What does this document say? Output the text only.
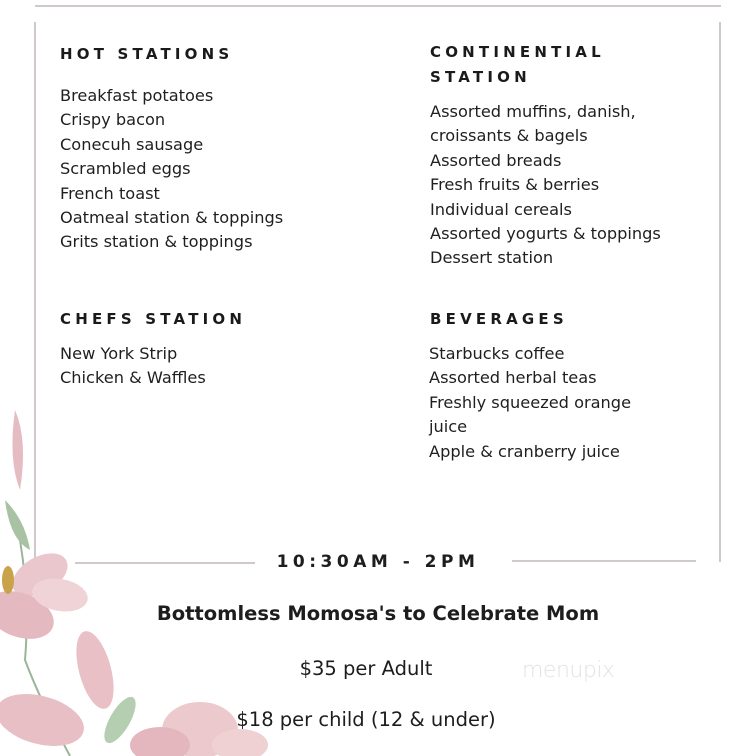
HOT STATIONS
Breakfast potatoes
Crispy bacon
Conecuh sausage
Scrambled eggs
French toast
Oatmeal station & toppings
Grits station & toppings
CONTINENTIAL
STATION
Assorted muffins, danish,
croissants & bagels
Assorted breads
Fresh fruits & berries
Individual cereals
Assorted yogurts & toppings
Dessert station
CHEFS STATION
New York Strip
Chicken & Waffles
BEVERAGES
Starbucks coffee
Assorted herbal teas
Freshly squeezed orange
juice
Apple & cranberry juice
10:30AM - 2PM
Bottomless Momosa's to Celebrate Mom
$35 per Adult
$18 per child (12 & under)
menupix
